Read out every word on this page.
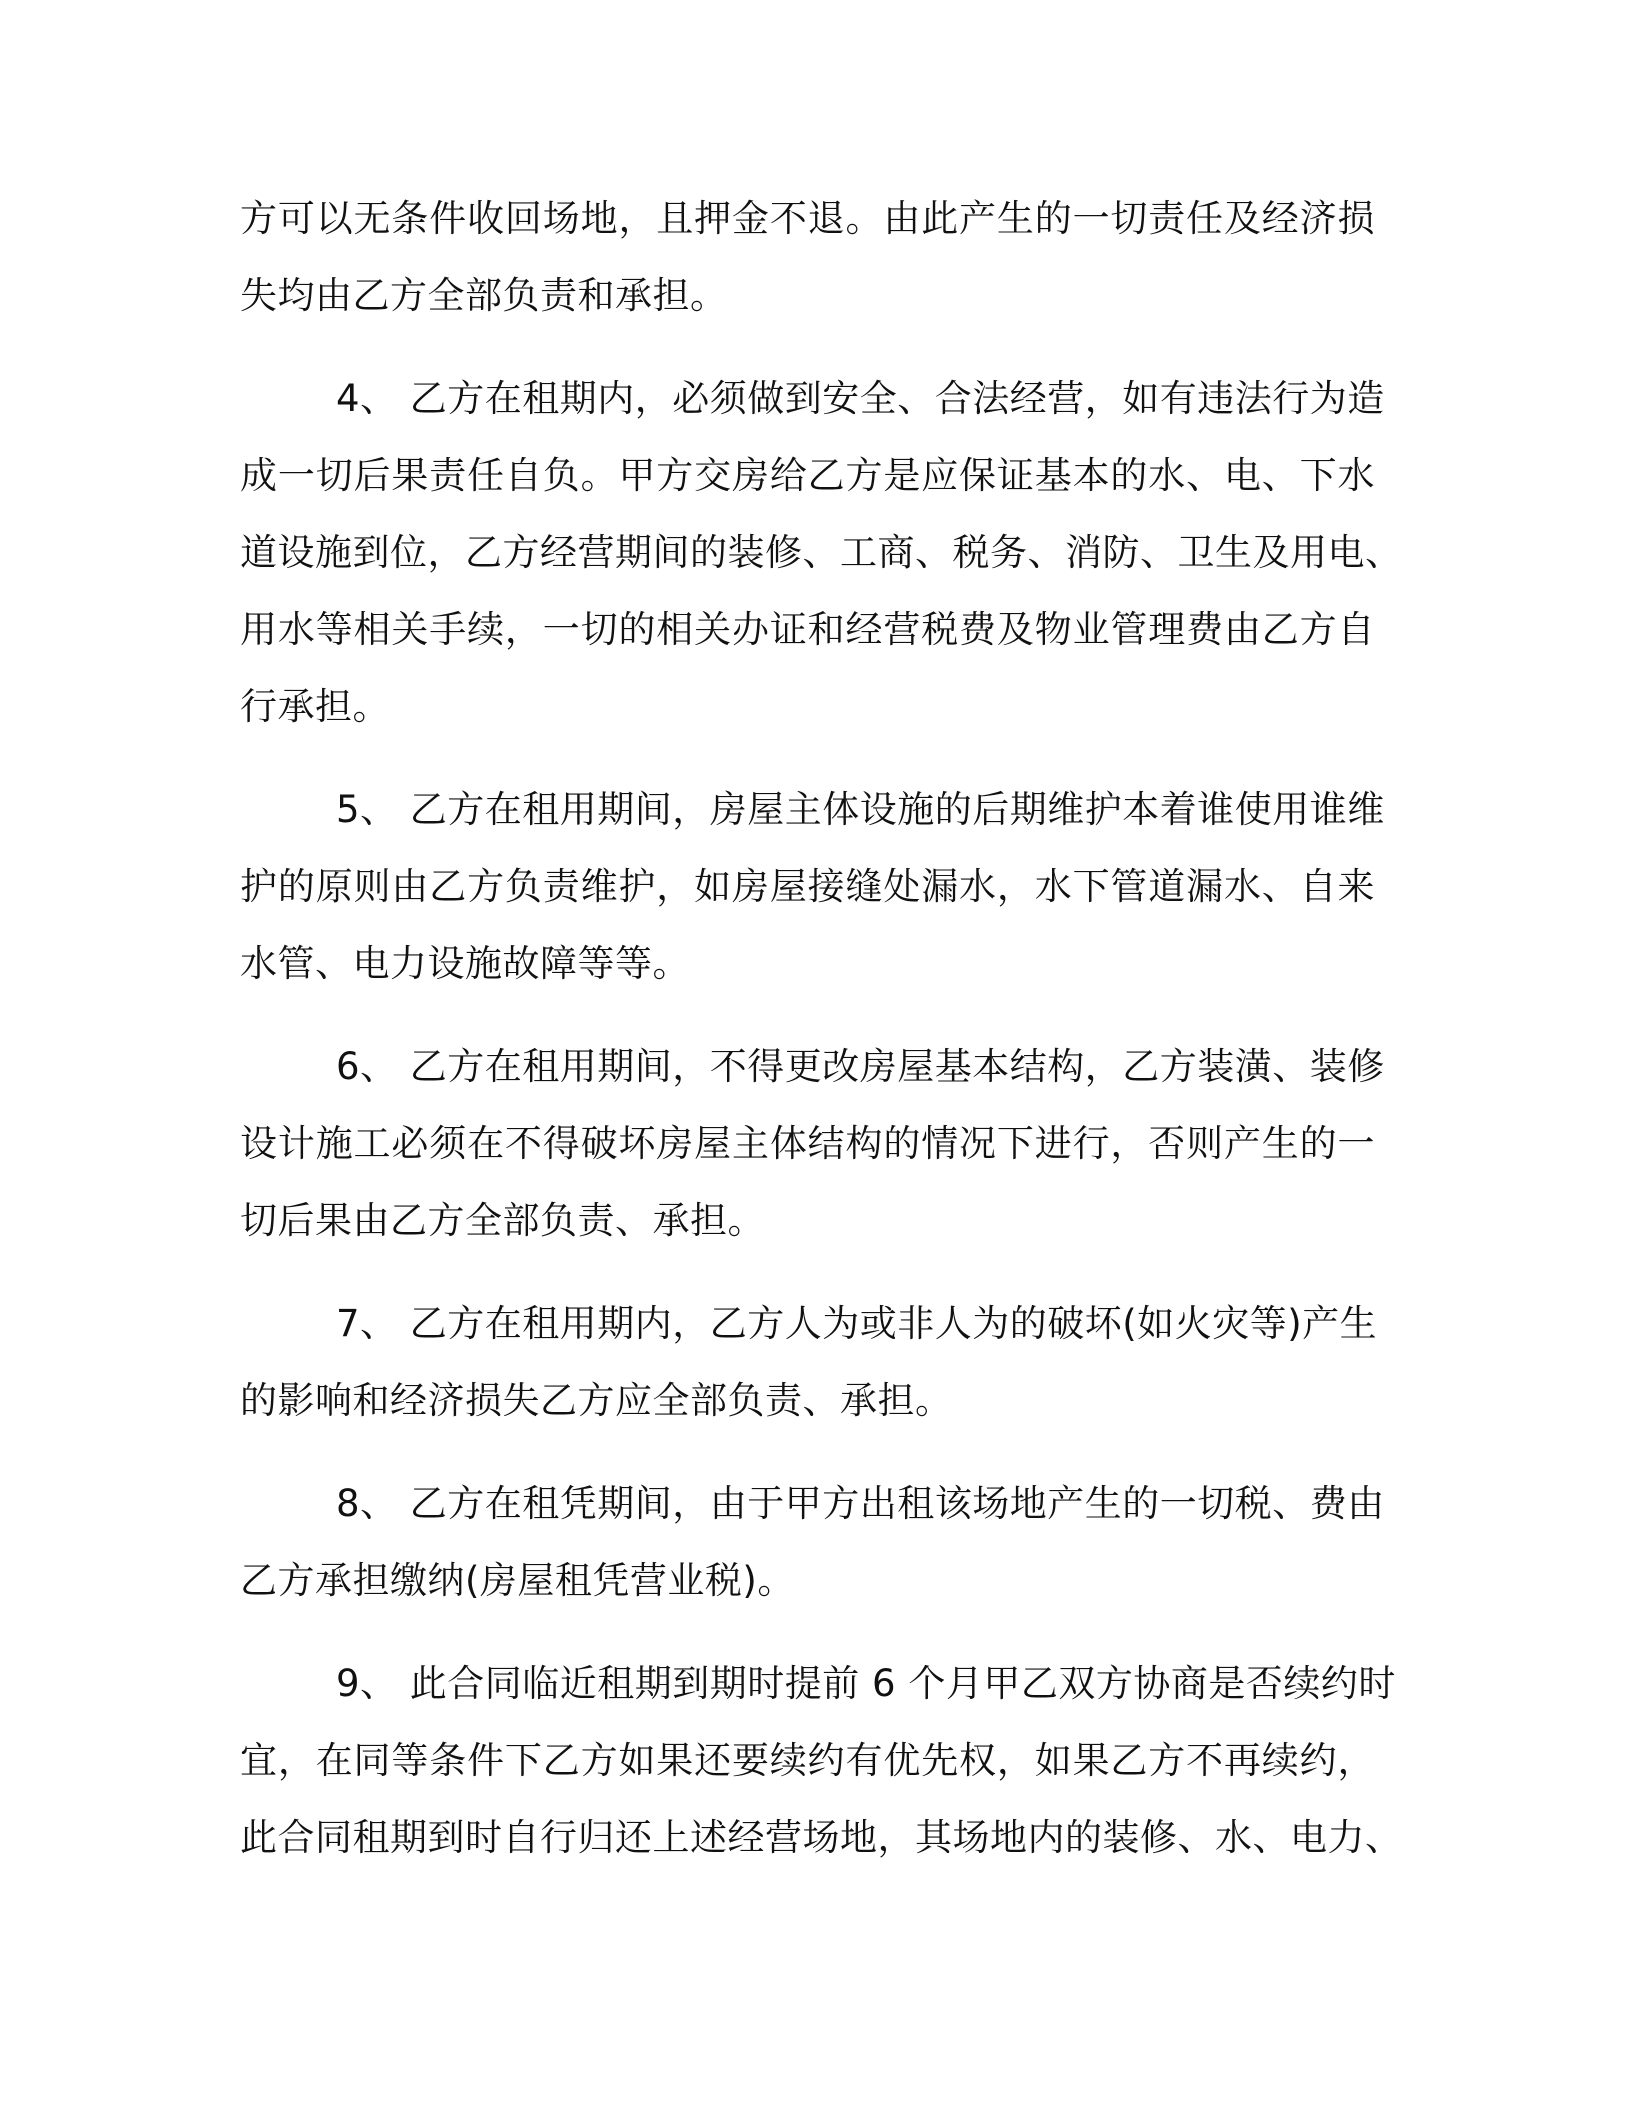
方可以无条件收回场地，且押金不退。由此产生的一切责任及经济损
失均由乙方全部负责和承担。
4、 乙方在租期内，必须做到安全、合法经营，如有违法行为造
成一切后果责任自负。甲方交房给乙方是应保证基本的水、电、下水
道设施到位，乙方经营期间的装修、工商、税务、消防、卫生及用电、
用水等相关手续，一切的相关办证和经营税费及物业管理费由乙方自
行承担。
5、 乙方在租用期间，房屋主体设施的后期维护本着谁使用谁维
护的原则由乙方负责维护，如房屋接缝处漏水，水下管道漏水、自来
水管、电力设施故障等等。
6、 乙方在租用期间，不得更改房屋基本结构，乙方装潢、装修
设计施工必须在不得破坏房屋主体结构的情况下进行，否则产生的一
切后果由乙方全部负责、承担。
7、 乙方在租用期内，乙方人为或非人为的破坏(如火灾等)产生
的影响和经济损失乙方应全部负责、承担。
8、 乙方在租凭期间，由于甲方出租该场地产生的一切税、费由
乙方承担缴纳(房屋租凭营业税)。
9、 此合同临近租期到期时提前 6 个月甲乙双方协商是否续约时
宜，在同等条件下乙方如果还要续约有优先权，如果乙方不再续约，
此合同租期到时自行归还上述经营场地，其场地内的装修、水、电力、
